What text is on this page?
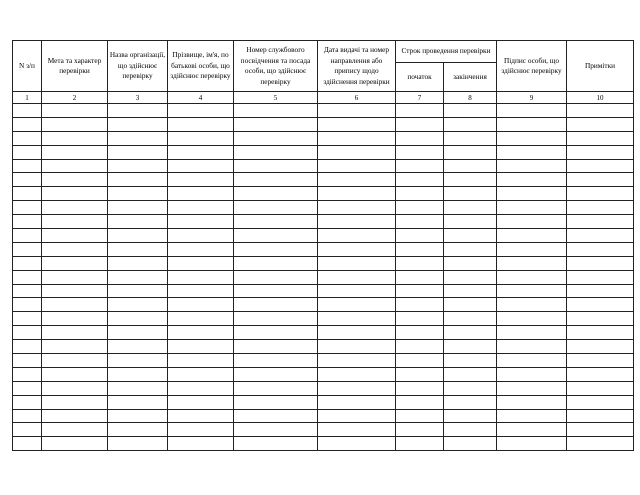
N з/п	Мета та характер перевірки	Назва організації, що здійснює перевірку	Прізвище, ім'я, по батькові особи, що здійснює перевірку	Номер службового посвідчення та посада особи, що здійснює перевірку	Дата видачі та номер направлення або припису щодо здійснення перевірки	Строк проведення перевірки		Підпис особи, що здійснює перевірку	Примітки
						початок	закінчення		
1	2	3	4	5	6	7	8	9	10
